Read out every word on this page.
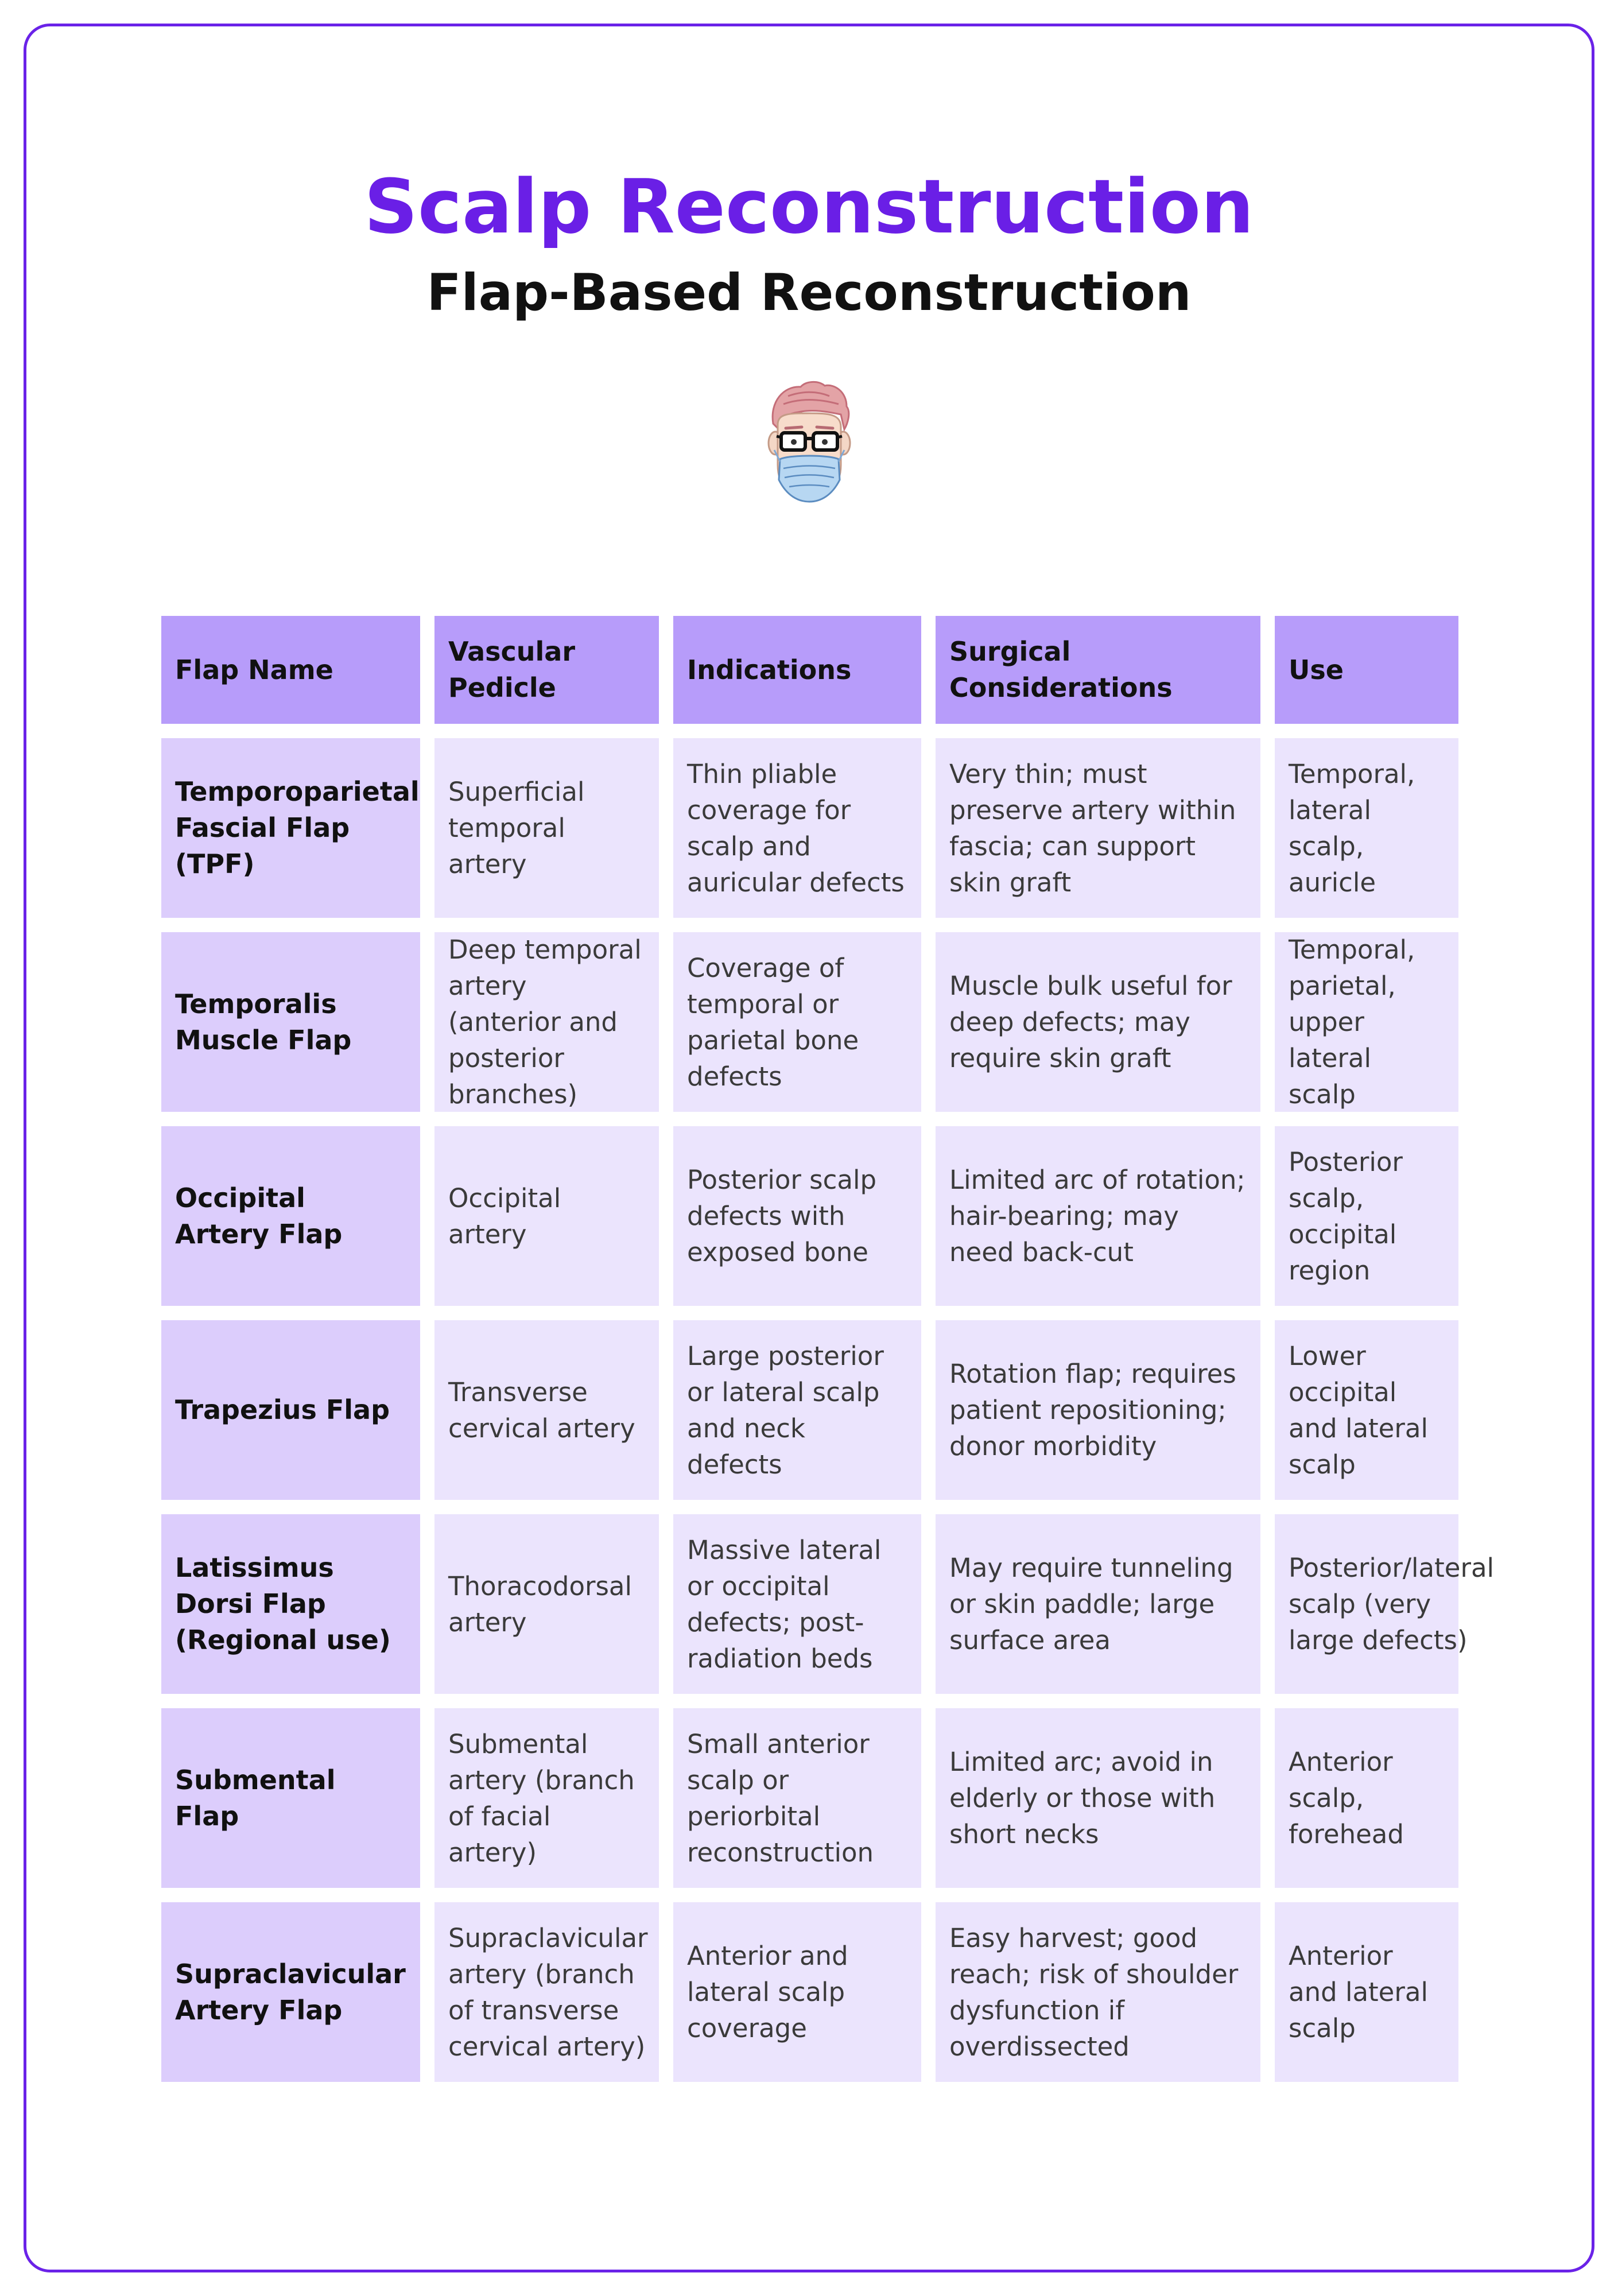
Scalp Reconstruction
Flap-Based Reconstruction
Flap Name
Vascular Pedicle
Indications
Surgical Considerations
Use
Temporoparietal Fascial Flap (TPF)
Superficial temporal artery
Thin pliable coverage for scalp and auricular defects
Very thin; must preserve artery within fascia; can support skin graft
Temporal, lateral scalp, auricle
Temporalis Muscle Flap
Deep temporal artery (anterior and posterior branches)
Coverage of temporal or parietal bone defects
Muscle bulk useful for deep defects; may require skin graft
Temporal, parietal, upper lateral scalp
Occipital Artery Flap
Occipital artery
Posterior scalp defects with exposed bone
Limited arc of rotation; hair-bearing; may need back-cut
Posterior scalp, occipital region
Trapezius Flap
Transverse cervical artery
Large posterior or lateral scalp and neck defects
Rotation flap; requires patient repositioning; donor morbidity
Lower occipital and lateral scalp
Latissimus Dorsi Flap (Regional use)
Thoracodorsal artery
Massive lateral or occipital defects; post-radiation beds
May require tunneling or skin paddle; large surface area
Posterior/lateral scalp (very large defects)
Submental Flap
Submental artery (branch of facial artery)
Small anterior scalp or periorbital reconstruction
Limited arc; avoid in elderly or those with short necks
Anterior scalp, forehead
Supraclavicular Artery Flap
Supraclavicular artery (branch of transverse cervical artery)
Anterior and lateral scalp coverage
Easy harvest; good reach; risk of shoulder dysfunction if overdissected
Anterior and lateral scalp
